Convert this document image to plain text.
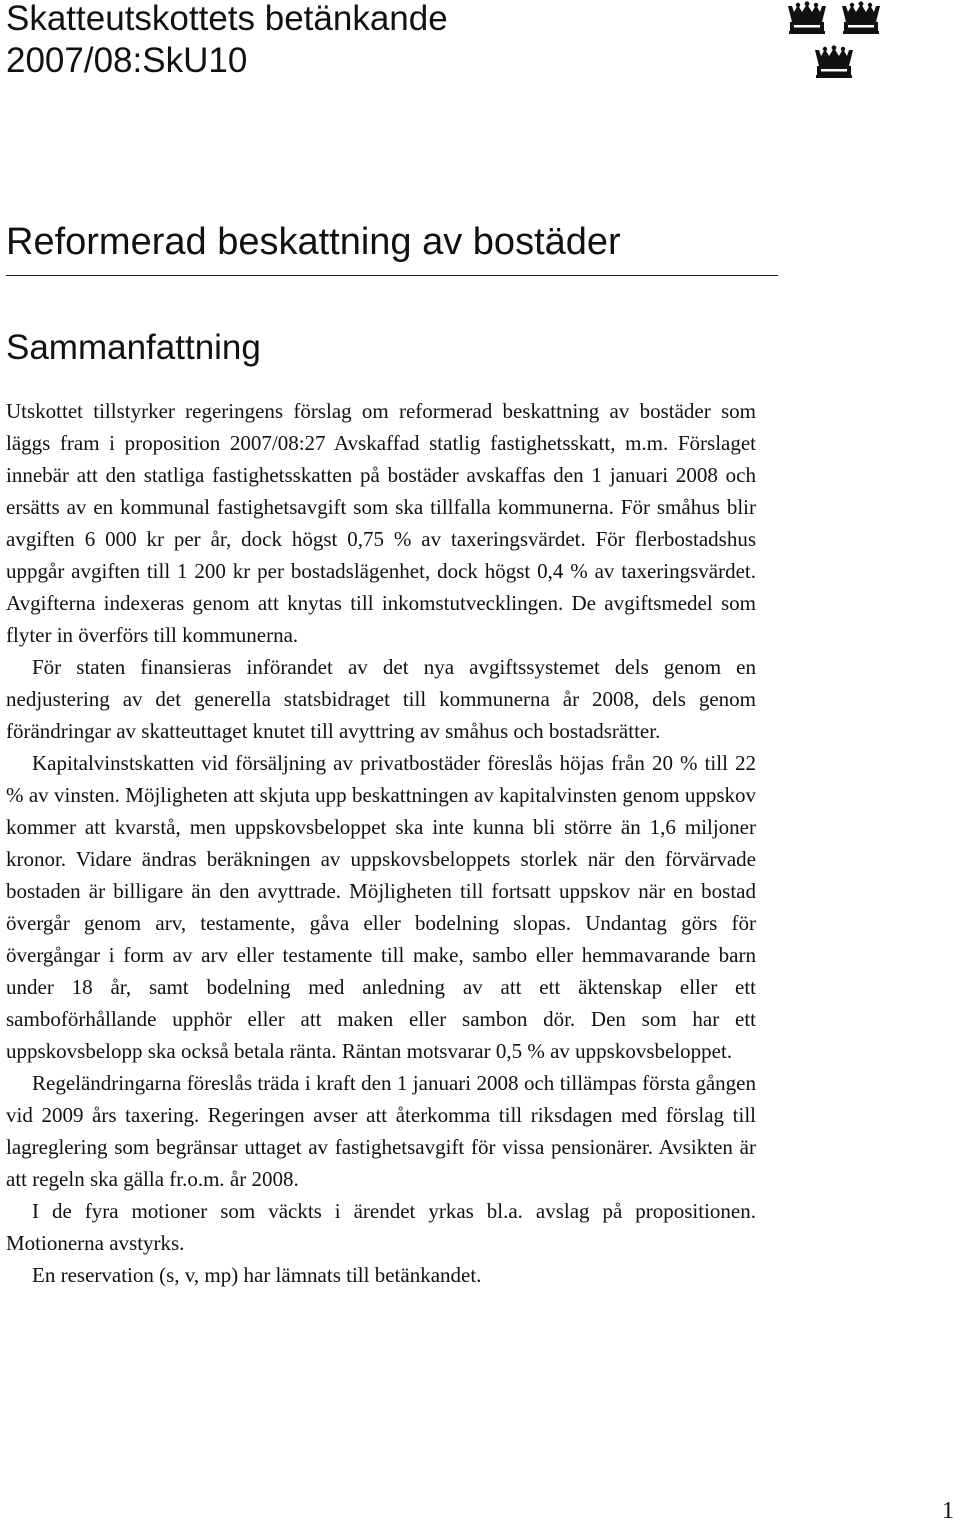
Skatteutskottets betänkande
2007/08:SkU10
Reformerad beskattning av bostäder
Sammanfattning

Utskottet tillstyrker regeringens förslag om reformerad beskattning av bostäder som läggs fram i proposition 2007/08:27 Avskaffad statlig fastighetsskatt, m.m. Förslaget innebär att den statliga fastighetsskatten på bostäder avskaffas den 1 januari 2008 och ersätts av en kommunal fastighetsavgift som ska tillfalla kommunerna. För småhus blir avgiften 6 000 kr per år, dock högst 0,75 % av taxeringsvärdet. För flerbostadshus uppgår avgiften till 1 200 kr per bostadslägenhet, dock högst 0,4 % av taxeringsvärdet. Avgifterna indexeras genom att knytas till inkomstutvecklingen. De avgiftsmedel som flyter in överförs till kommunerna.

För staten finansieras införandet av det nya avgiftssystemet dels genom en nedjustering av det generella statsbidraget till kommunerna år 2008, dels genom förändringar av skatteuttaget knutet till avyttring av småhus och bostadsrätter.

Kapitalvinstskatten vid försäljning av privatbostäder föreslås höjas från 20 % till 22 % av vinsten. Möjligheten att skjuta upp beskattningen av kapitalvinsten genom uppskov kommer att kvarstå, men uppskovsbeloppet ska inte kunna bli större än 1,6 miljoner kronor. Vidare ändras beräkningen av uppskovsbeloppets storlek när den förvärvade bostaden är billigare än den avyttrade. Möjligheten till fortsatt uppskov när en bostad övergår genom arv, testamente, gåva eller bodelning slopas. Undantag görs för övergångar i form av arv eller testamente till make, sambo eller hemmavarande barn under 18 år, samt bodelning med anledning av att ett äktenskap eller ett samboförhållande upphör eller att maken eller sambon dör. Den som har ett uppskovsbelopp ska också betala ränta. Räntan motsvarar 0,5 % av uppskovsbeloppet.

Regeländringarna föreslås träda i kraft den 1 januari 2008 och tillämpas första gången vid 2009 års taxering. Regeringen avser att återkomma till riksdagen med förslag till lagreglering som begränsar uttaget av fastighetsavgift för vissa pensionärer. Avsikten är att regeln ska gälla fr.o.m. år 2008.

I de fyra motioner som väckts i ärendet yrkas bl.a. avslag på propositionen. Motionerna avstyrks.

En reservation (s, v, mp) har lämnats till betänkandet.

1
